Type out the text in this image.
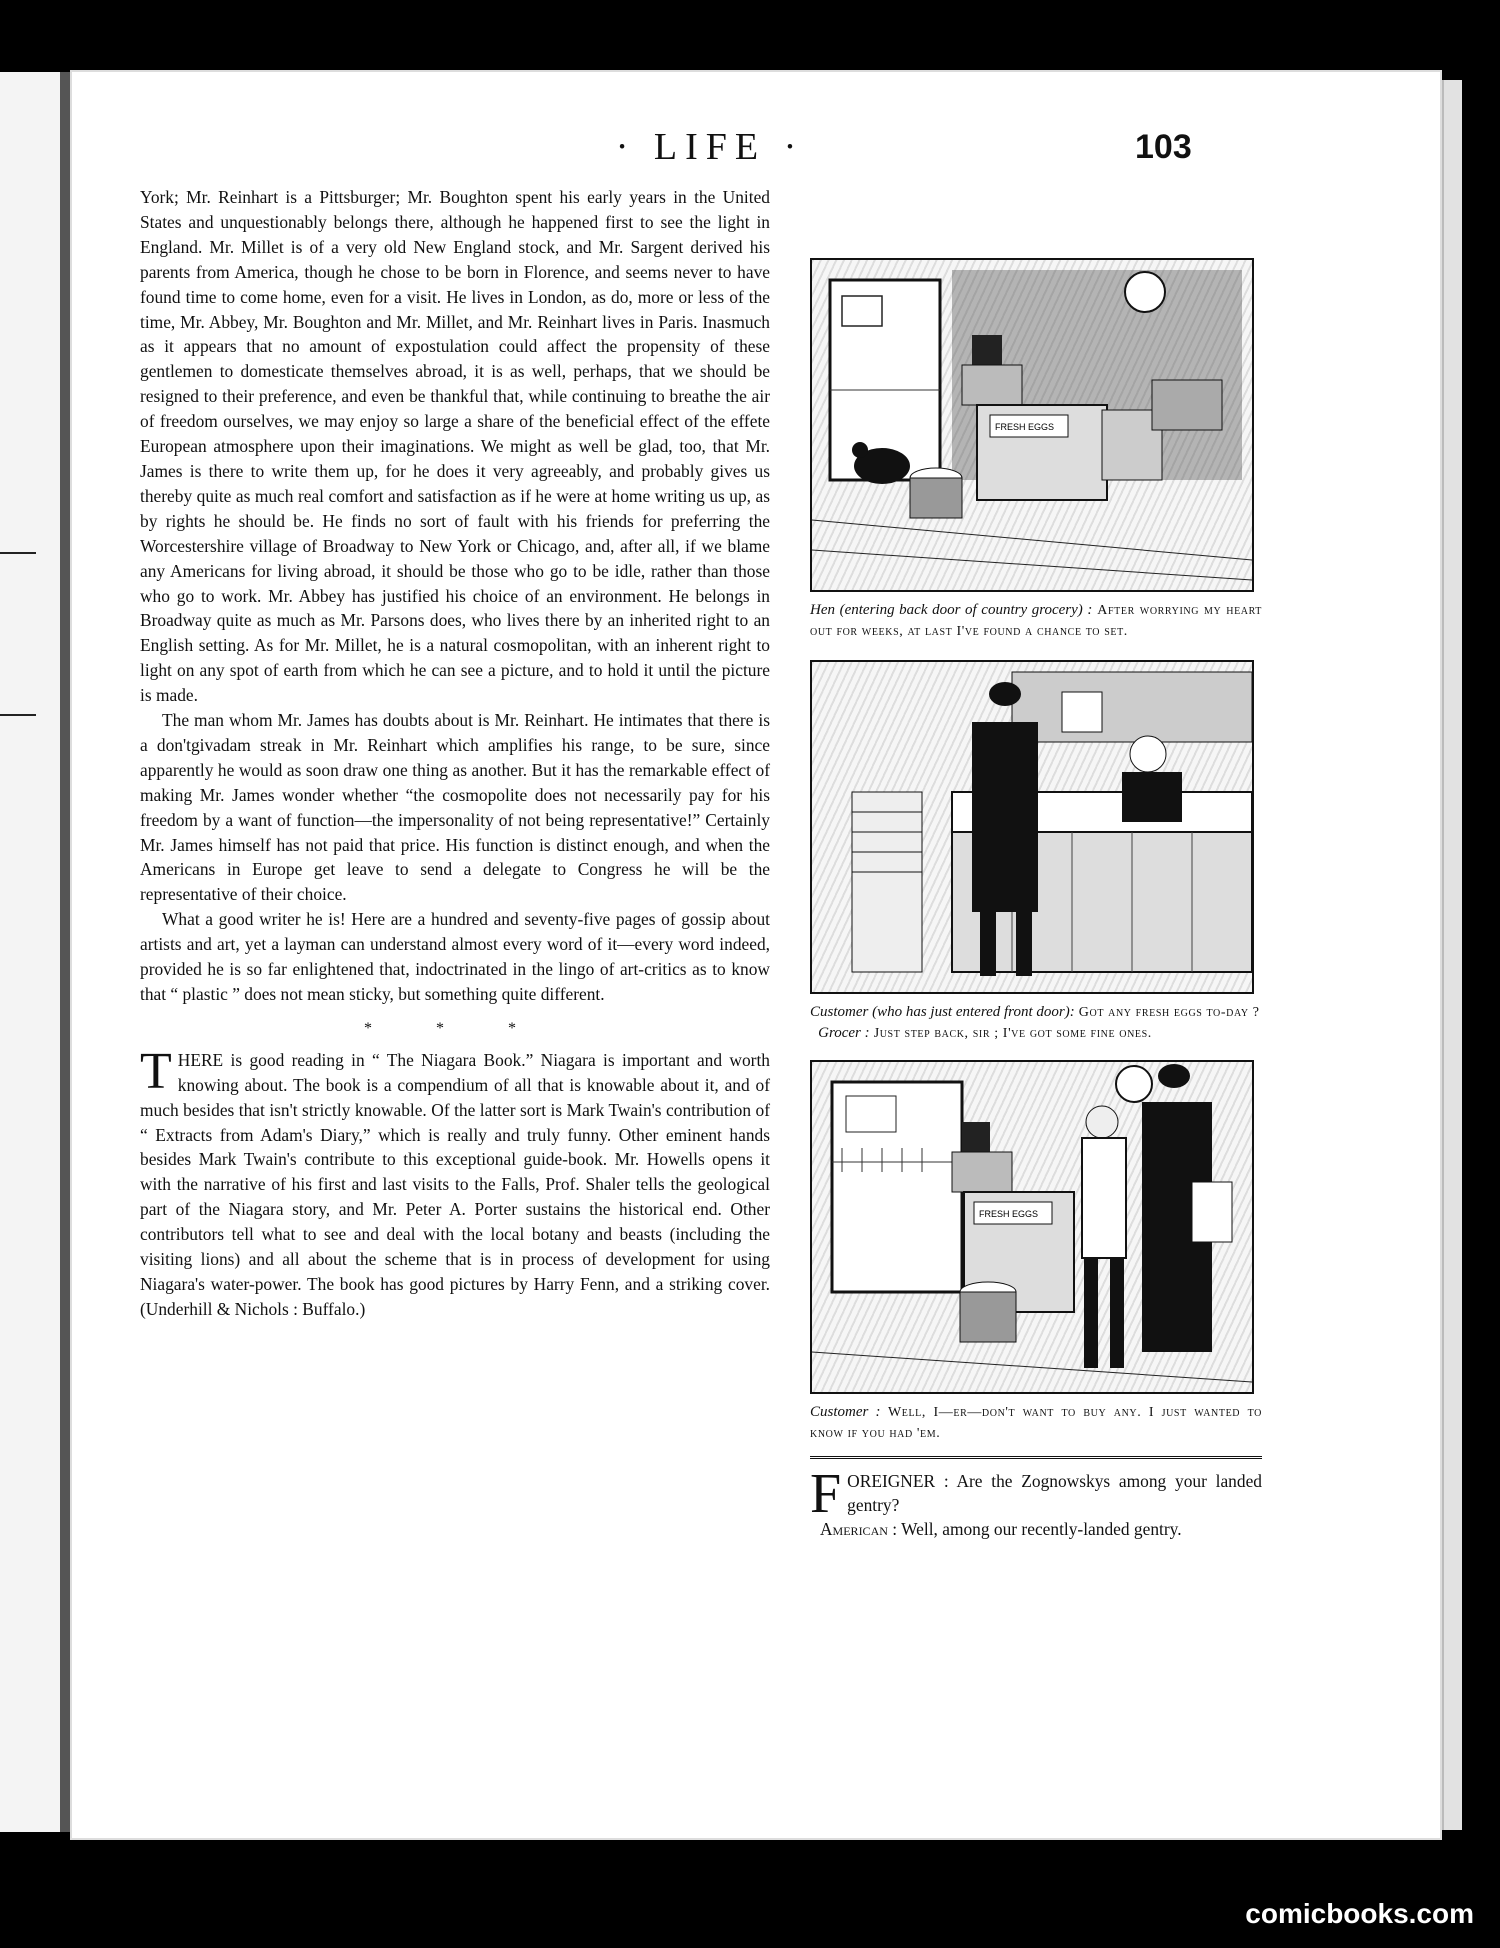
· LIFE ·	103

York; Mr. Reinhart is a Pittsburger; Mr. Boughton spent his early years in the United States and unquestionably belongs there, although he happened first to see the light in England. Mr. Millet is of a very old New England stock, and Mr. Sargent derived his parents from America, though he chose to be born in Florence, and seems never to have found time to come home, even for a visit. He lives in London, as do, more or less of the time, Mr. Abbey, Mr. Boughton and Mr. Millet, and Mr. Reinhart lives in Paris. Inasmuch as it appears that no amount of expostulation could affect the propensity of these gentlemen to domesticate themselves abroad, it is as well, perhaps, that we should be resigned to their preference, and even be thankful that, while continuing to breathe the air of freedom ourselves, we may enjoy so large a share of the beneficial effect of the effete European atmosphere upon their imaginations. We might as well be glad, too, that Mr. James is there to write them up, for he does it very agreeably, and probably gives us thereby quite as much real comfort and satisfaction as if he were at home writing us up, as by rights he should be. He finds no sort of fault with his friends for preferring the Worcestershire village of Broadway to New York or Chicago, and, after all, if we blame any Americans for living abroad, it should be those who go to be idle, rather than those who go to work. Mr. Abbey has justified his choice of an environment. He belongs in Broadway quite as much as Mr. Parsons does, who lives there by an inherited right to an English setting. As for Mr. Millet, he is a natural cosmopolitan, with an inherent right to light on any spot of earth from which he can see a picture, and to hold it until the picture is made.

The man whom Mr. James has doubts about is Mr. Reinhart. He intimates that there is a don'tgivadam streak in Mr. Reinhart which amplifies his range, to be sure, since apparently he would as soon draw one thing as another. But it has the remarkable effect of making Mr. James wonder whether “the cosmopolite does not necessarily pay for his freedom by a want of function—the impersonality of not being representative!” Certainly Mr. James himself has not paid that price. His function is distinct enough, and when the Americans in Europe get leave to send a delegate to Congress he will be the representative of their choice.

What a good writer he is! Here are a hundred and seventy-five pages of gossip about artists and art, yet a layman can understand almost every word of it—every word indeed, provided he is so far enlightened that, indoctrinated in the lingo of art-critics as to know that “ plastic ” does not mean sticky, but something quite different.

* * *

THERE is good reading in “ The Niagara Book.” Niagara is important and worth knowing about. The book is a compendium of all that is knowable about it, and of much besides that isn't strictly knowable. Of the latter sort is Mark Twain's contribution of “ Extracts from Adam's Diary,” which is really and truly funny. Other eminent hands besides Mark Twain's contribute to this exceptional guide-book. Mr. Howells opens it with the narrative of his first and last visits to the Falls, Prof. Shaler tells the geological part of the Niagara story, and Mr. Peter A. Porter sustains the historical end. Other contributors tell what to see and deal with the local botany and beasts (including the visiting lions) and all about the scheme that is in process of development for using Niagara's water-power. The book has good pictures by Harry Fenn, and a striking cover. (Underhill & Nichols : Buffalo.)

FRESH EGGS

Hen (entering back door of country grocery) : After worrying my heart out for weeks, at last I've found a chance to set.

Customer (who has just entered front door): Got any fresh eggs to-day ?
Grocer : Just step back, sir ; I've got some fine ones.

FRESH EGGS

Customer : Well, I—er—don't want to buy any. I just wanted to know if you had 'em.

FOREIGNER : Are the Zognowskys among your landed gentry?

American : Well, among our recently-landed gentry.

comicbooks.com
